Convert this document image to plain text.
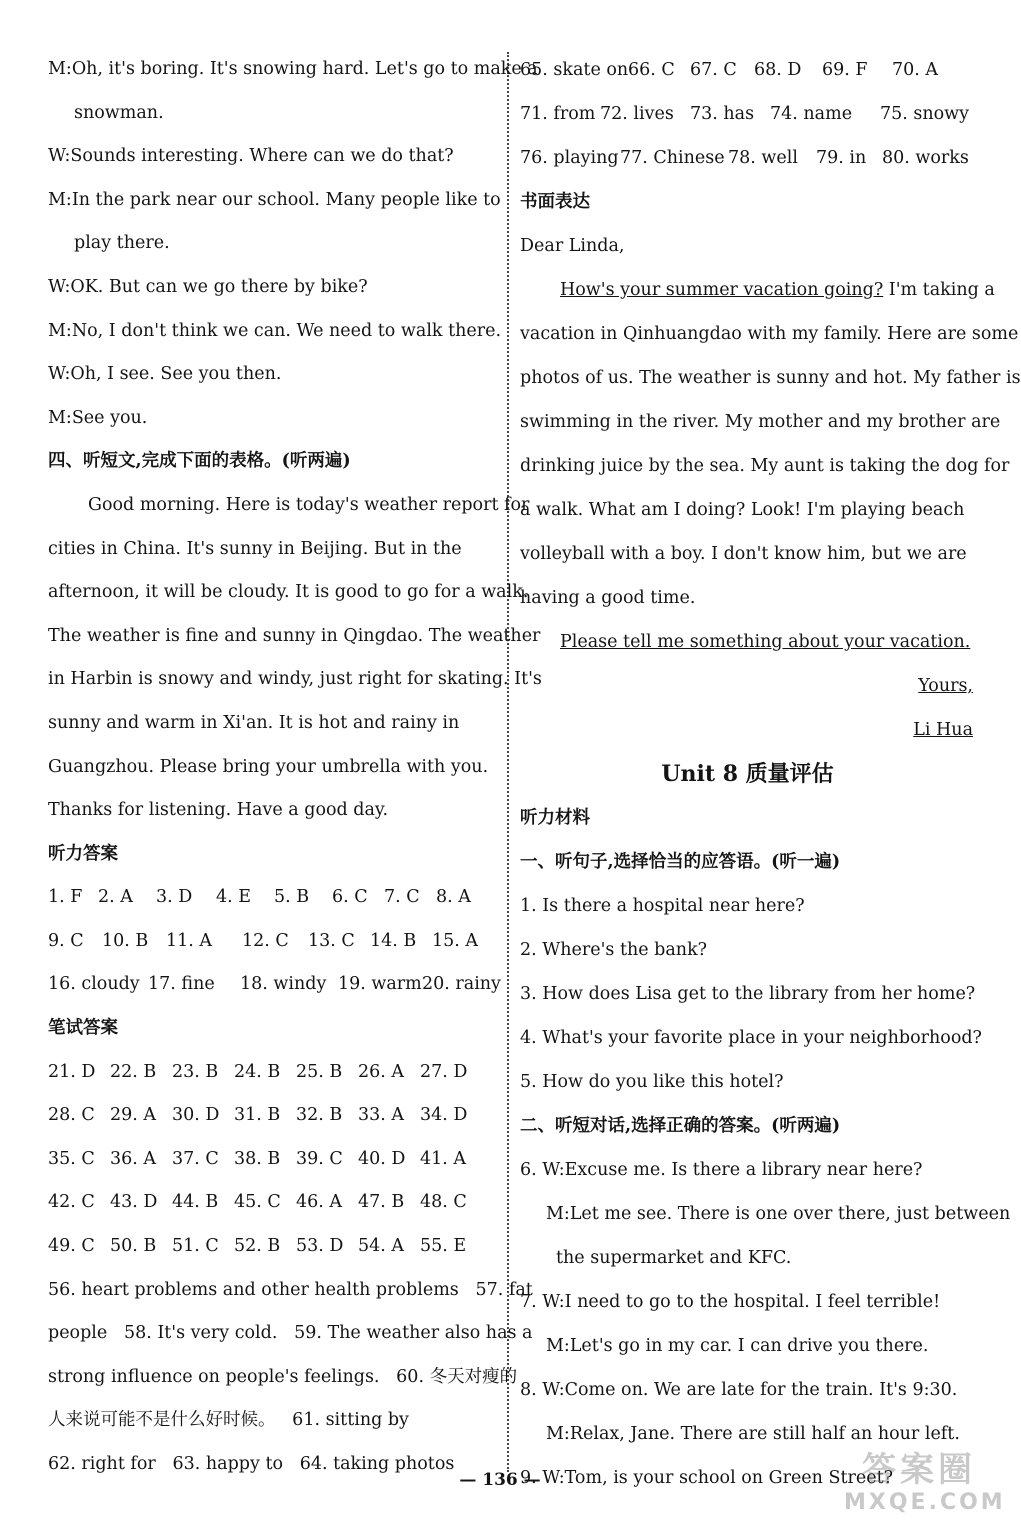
M:Oh, it's boring. It's snowing hard. Let's go to make a
snowman.
W:Sounds interesting. Where can we do that?
M:In the park near our school. Many people like to
play there.
W:OK. But can we go there by bike?
M:No, I don't think we can. We need to walk there.
W:Oh, I see. See you then.
M:See you.
四、听短文,完成下面的表格。(听两遍)
Good morning. Here is today's weather report for
cities in China. It's sunny in Beijing. But in the
afternoon, it will be cloudy. It is good to go for a walk.
The weather is fine and sunny in Qingdao. The weather
in Harbin is snowy and windy, just right for skating. It's
sunny and warm in Xi'an. It is hot and rainy in
Guangzhou. Please bring your umbrella with you.
Thanks for listening. Have a good day.
听力答案
1. F 2. A	3. D	4. E	5. B	6. C 7. C 8. A
9. C	10. B	11. A	12. C	13. C 14. B 15. A
16. cloudy 17. fine	18. windy 19. warm 20. rainy
笔试答案
21. D 22. B 23. B 24. B 25. B 26. A 27. D
28. C 29. A 30. D 31. B 32. B 33. A 34. D
35. C 36. A 37. C 38. B 39. C 40. D 41. A
42. C 43. D 44. B 45. C 46. A 47. B 48. C
49. C 50. B 51. C 52. B 53. D 54. A 55. E
56. heart problems and other health problems   57. fat
people   58. It's very cold.   59. The weather also has a
strong influence on people's feelings.   60. 冬天对瘦的
人来说可能不是什么好时候。   61. sitting by
62. right for   63. happy to   64. taking photos
65. skate on 66. C 67. C 68. D	69. F	70. A
71. from 72. lives 73. has 74. name	75. snowy
76. playing 77. Chinese 78. well	79. in 80. works
书面表达
Dear Linda,
How's your summer vacation going? I'm taking a
vacation in Qinhuangdao with my family. Here are some
photos of us. The weather is sunny and hot. My father is
swimming in the river. My mother and my brother are
drinking juice by the sea. My aunt is taking the dog for
a walk. What am I doing? Look! I'm playing beach
volleyball with a boy. I don't know him, but we are
having a good time.
Please tell me something about your vacation.
Yours,
Li Hua
Unit 8 质量评估
听力材料
一、听句子,选择恰当的应答语。(听一遍)
1. Is there a hospital near here?
2. Where's the bank?
3. How does Lisa get to the library from her home?
4. What's your favorite place in your neighborhood?
5. How do you like this hotel?
二、听短对话,选择正确的答案。(听两遍)
6. W:Excuse me. Is there a library near here?
M:Let me see. There is one over there, just between
the supermarket and KFC.
7. W:I need to go to the hospital. I feel terrible!
M:Let's go in my car. I can drive you there.
8. W:Come on. We are late for the train. It's 9:30.
M:Relax, Jane. There are still half an hour left.
9. W:Tom, is your school on Green Street?
— 136 —	答案圈
MXQE.COM
